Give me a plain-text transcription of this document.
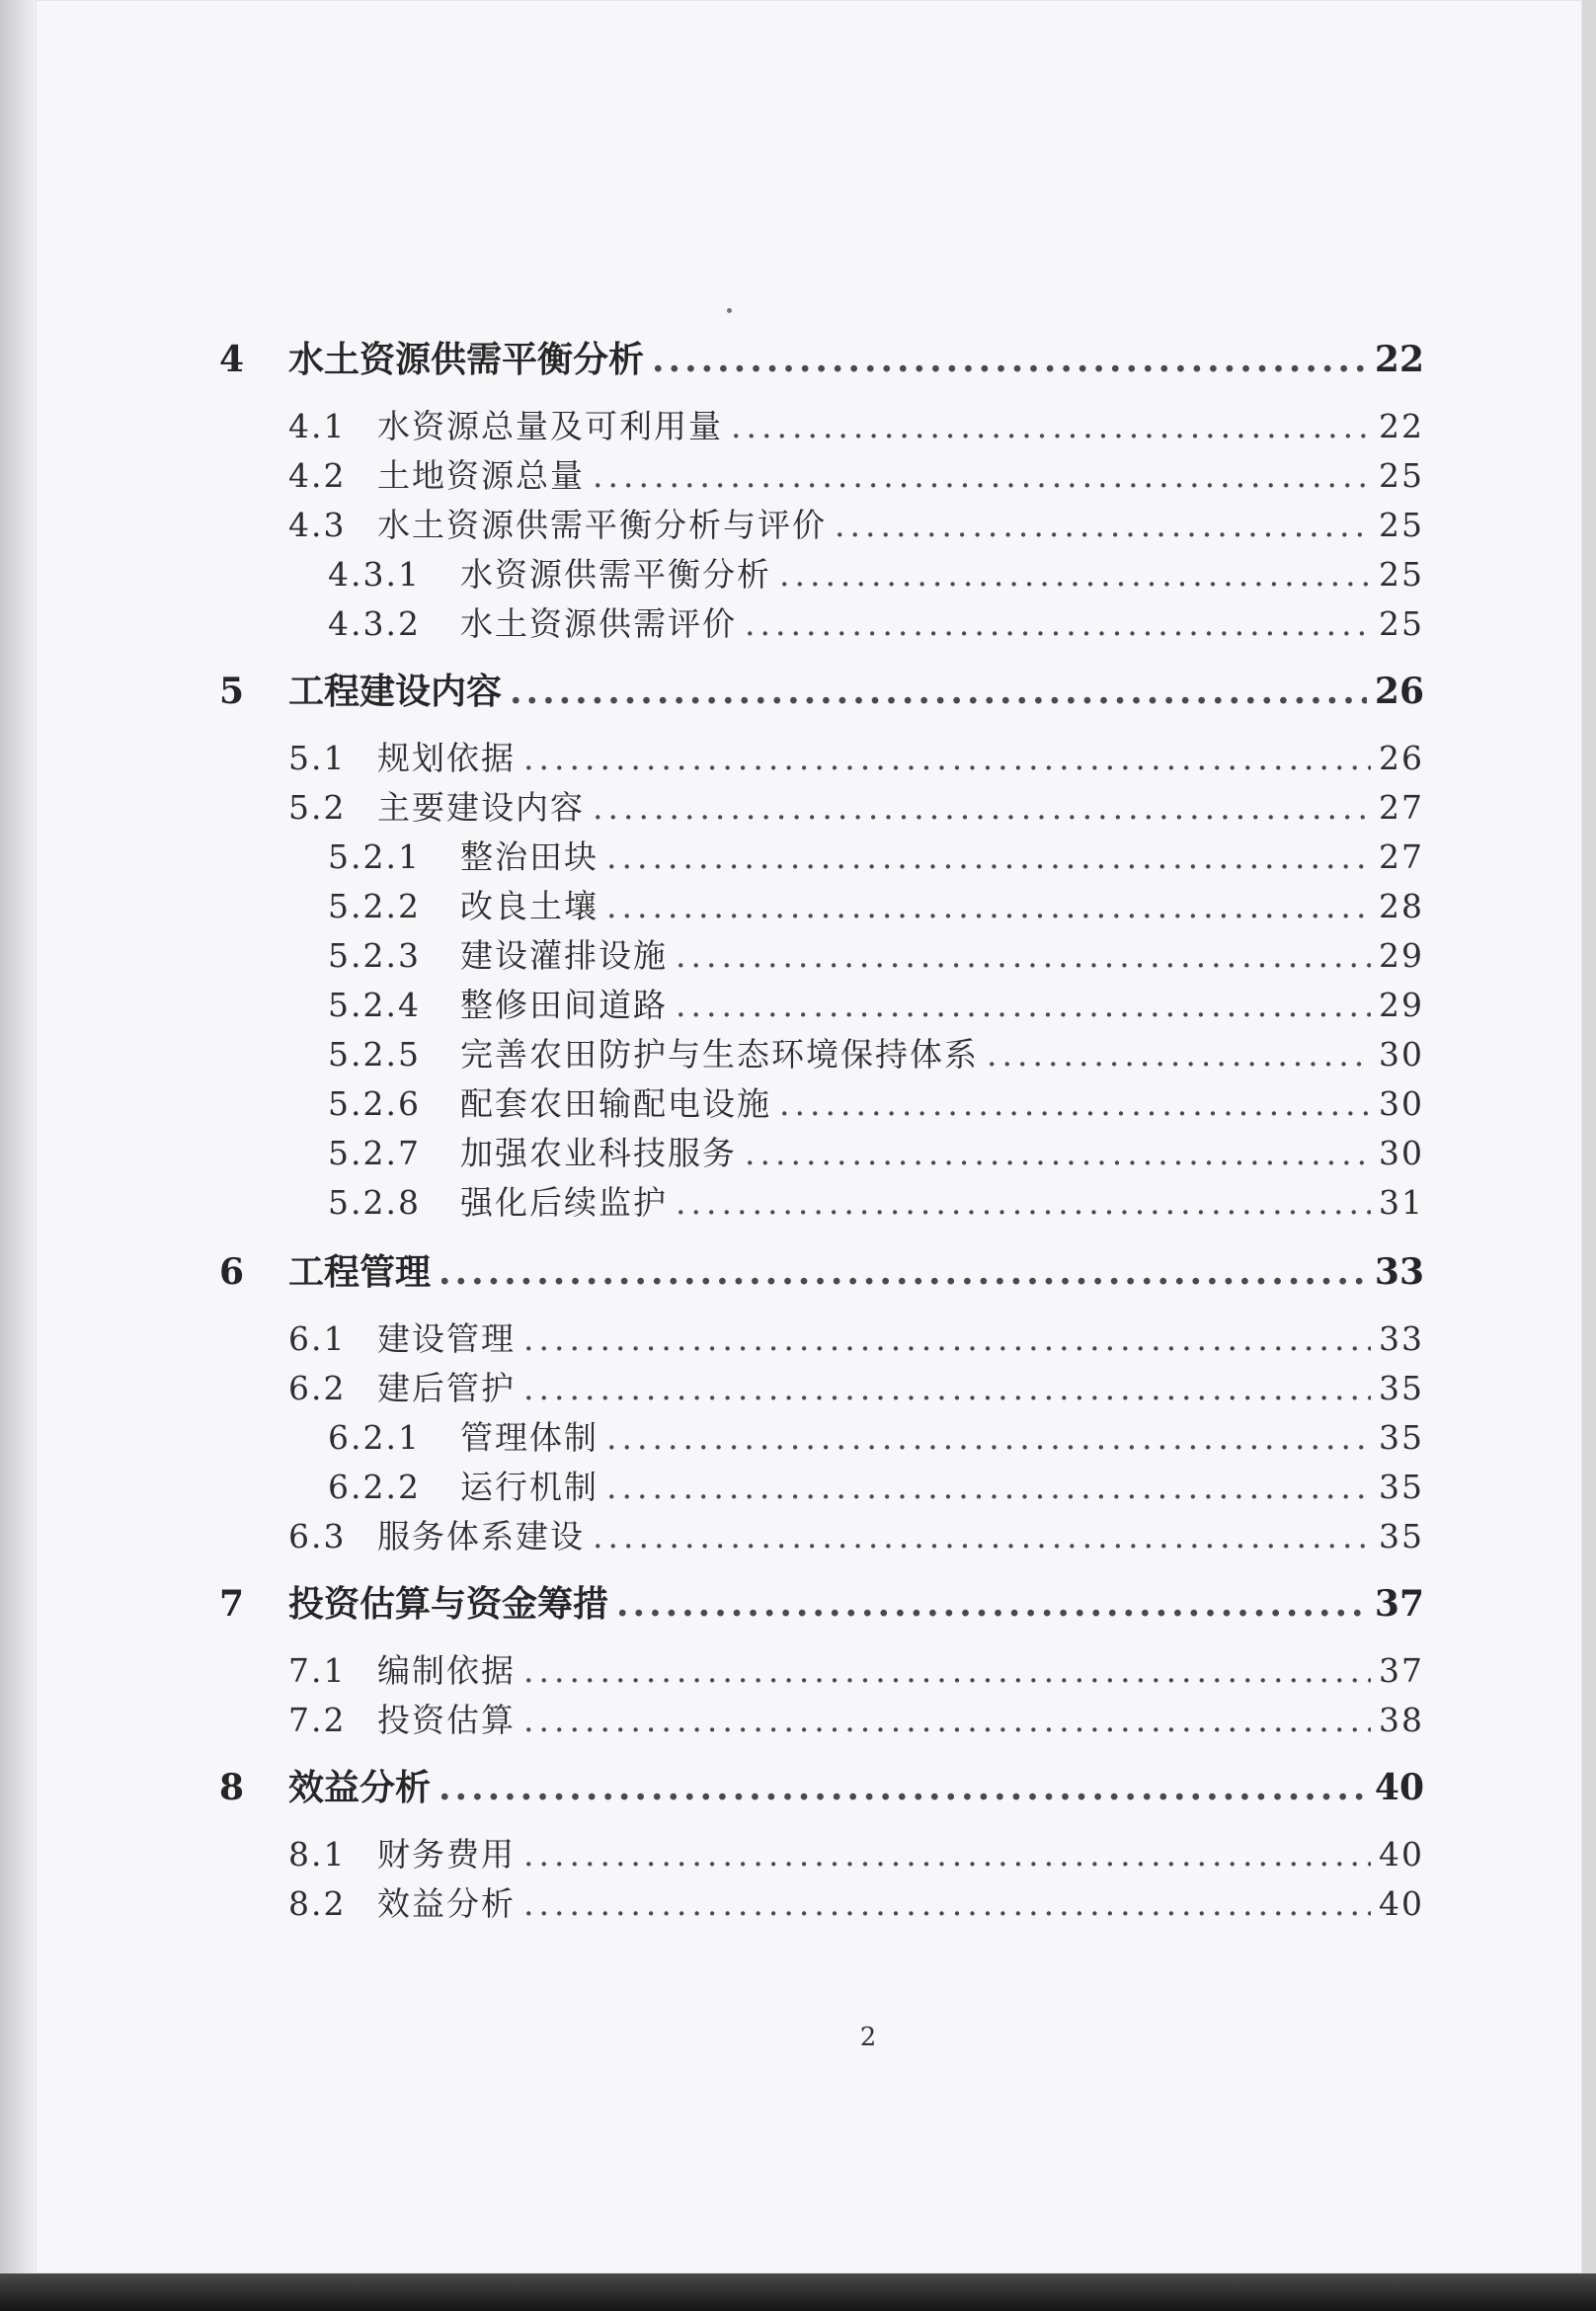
4	水土资源供需平衡分析 .....	22
4.1 水资源总量及可利用量 .....	22
4.2 土地资源总量 .....	25
4.3 水土资源供需平衡分析与评价 .....	25
4.3.1	水资源供需平衡分析 .....	25
4.3.2	水土资源供需评价 .....	25
5	工程建设内容 .....	26
5.1 规划依据 .....	26
5.2 主要建设内容 .....	27
5.2.1	整治田块 .....	27
5.2.2	改良土壤 .....	28
5.2.3	建设灌排设施 .....	29
5.2.4	整修田间道路 .....	29
5.2.5	完善农田防护与生态环境保持体系 .....	30
5.2.6	配套农田输配电设施 .....	30
5.2.7	加强农业科技服务 .....	30
5.2.8	强化后续监护 .....	31
6	工程管理 .....	33
6.1 建设管理 .....	33
6.2 建后管护 .....	35
6.2.1	管理体制 .....	35
6.2.2	运行机制 .....	35
6.3 服务体系建设 .....	35
7	投资估算与资金筹措 .....	37
7.1 编制依据 .....	37
7.2 投资估算 .....	38
8	效益分析 .....	40
8.1 财务费用 .....	40
8.2 效益分析 .....	40
2
